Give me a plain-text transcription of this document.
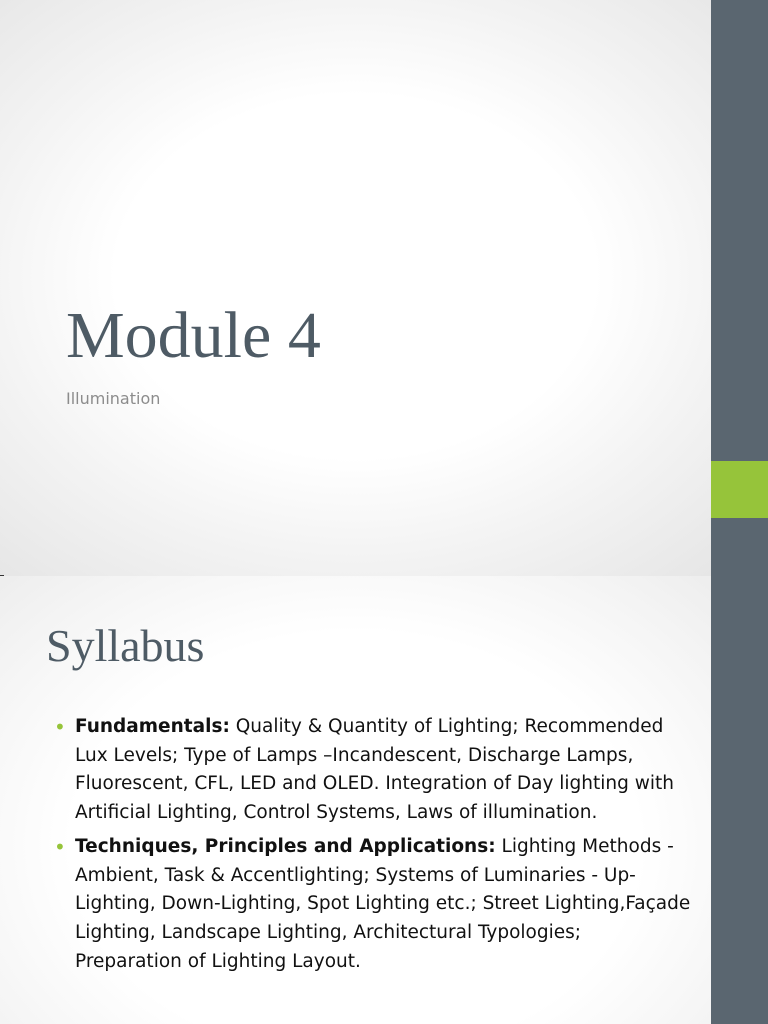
Module 4
Illumination
Syllabus
• Fundamentals: Quality & Quantity of Lighting; Recommended Lux Levels; Type of Lamps –Incandescent, Discharge Lamps, Fluorescent, CFL, LED and OLED. Integration of Day lighting with Artificial Lighting, Control Systems, Laws of illumination.
• Techniques, Principles and Applications: Lighting Methods - Ambient, Task & Accentlighting; Systems of Luminaries - Up-Lighting, Down-Lighting, Spot Lighting etc.; Street Lighting,Façade Lighting, Landscape Lighting, Architectural Typologies; Preparation of Lighting Layout.
